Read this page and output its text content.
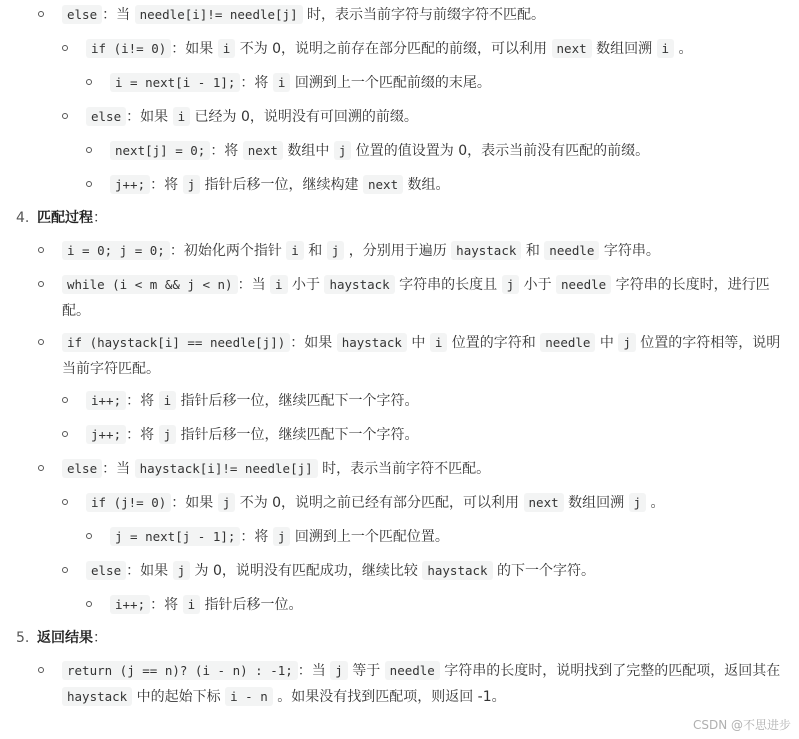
else ：当 needle[i]!= needle[j] 时，表示当前字符与前缀字符不匹配。
if (i!= 0) ：如果 i 不为 0，说明之前存在部分匹配的前缀，可以利用 next 数组回溯 i 。
i = next[i - 1]; ：将 i 回溯到上一个匹配前缀的末尾。
else ：如果 i 已经为 0，说明没有可回溯的前缀。
next[j] = 0; ：将 next 数组中 j 位置的值设置为 0，表示当前没有匹配的前缀。
j++; ：将 j 指针后移一位，继续构建 next 数组。
4. 匹配过程：
i = 0; j = 0; ：初始化两个指针 i 和 j ，分别用于遍历 haystack 和 needle 字符串。
while (i < m && j < n) ：当 i 小于 haystack 字符串的长度且 j 小于 needle 字符串的长度时，进行匹配。
if (haystack[i] == needle[j]) ：如果 haystack 中 i 位置的字符和 needle 中 j 位置的字符相等，说明当前字符匹配。
i++; ：将 i 指针后移一位，继续匹配下一个字符。
j++; ：将 j 指针后移一位，继续匹配下一个字符。
else ：当 haystack[i]!= needle[j] 时，表示当前字符不匹配。
if (j!= 0) ：如果 j 不为 0，说明之前已经有部分匹配，可以利用 next 数组回溯 j 。
j = next[j - 1]; ：将 j 回溯到上一个匹配位置。
else ：如果 j 为 0，说明没有匹配成功，继续比较 haystack 的下一个字符。
i++; ：将 i 指针后移一位。
5. 返回结果：
return (j == n)? (i - n) : -1; ：当 j 等于 needle 字符串的长度时，说明找到了完整的匹配项，返回其在 haystack 中的起始下标 i - n 。如果没有找到匹配项，则返回 -1。
CSDN @不思进步
